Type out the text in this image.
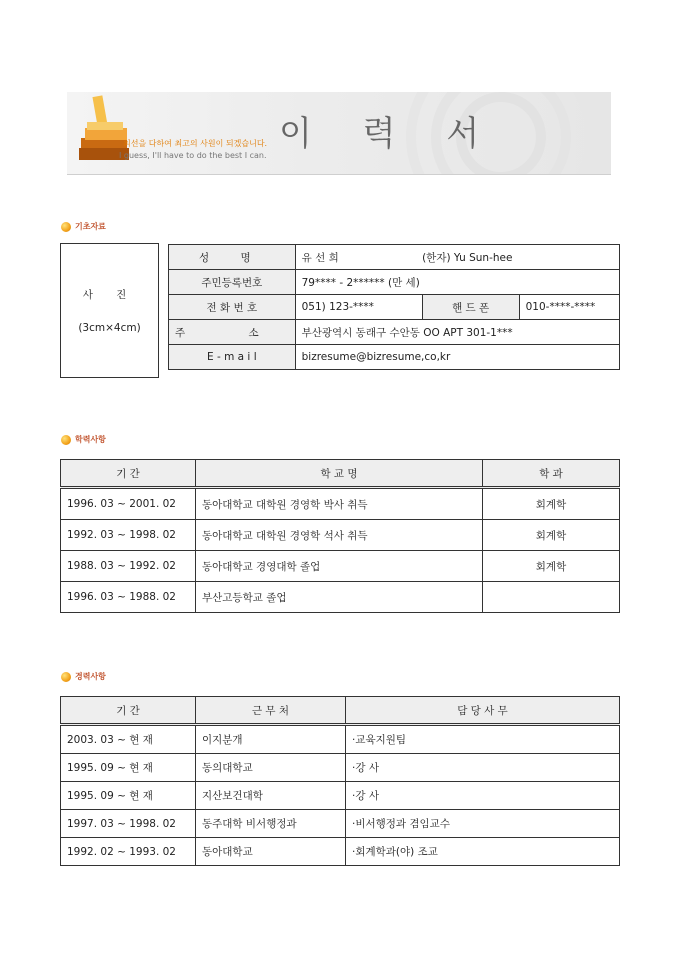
최선을 다하여 최고의 사원이 되겠습니다.
I guess, I'll have to do the best I can.
이 력 서
기초자료
사 진
(3cm×4cm)
성 명	유 선 희 (한자) Yu Sun-hee		
주민등록번호	79**** - 2****** (만 세)		
전 화 번 호	051) 123-****	핸 드 폰	010-****-****
주 소	부산광역시 동래구 수안동 OO APT 301-1***		
E - m a i l	bizresume@bizresume,co,kr		
학력사항
기 간	학 교 명	학 과
1996. 03 ~ 2001. 02	동아대학교 대학원 경영학 박사 취득	회계학
1992. 03 ~ 1998. 02	동아대학교 대학원 경영학 석사 취득	회계학
1988. 03 ~ 1992. 02	동아대학교 경영대학 졸업	회계학
1996. 03 ~ 1988. 02	부산고등학교 졸업	
경력사항
기 간	근 무 처	담 당 사 무
2003. 03 ~ 현 재	이지분개	·교육지원팀
1995. 09 ~ 현 재	동의대학교	·강 사
1995. 09 ~ 현 재	지산보건대학	·강 사
1997. 03 ~ 1998. 02	동주대학 비서행정과	·비서행정과 겸임교수
1992. 02 ~ 1993. 02	동아대학교	·회계학과(야) 조교
